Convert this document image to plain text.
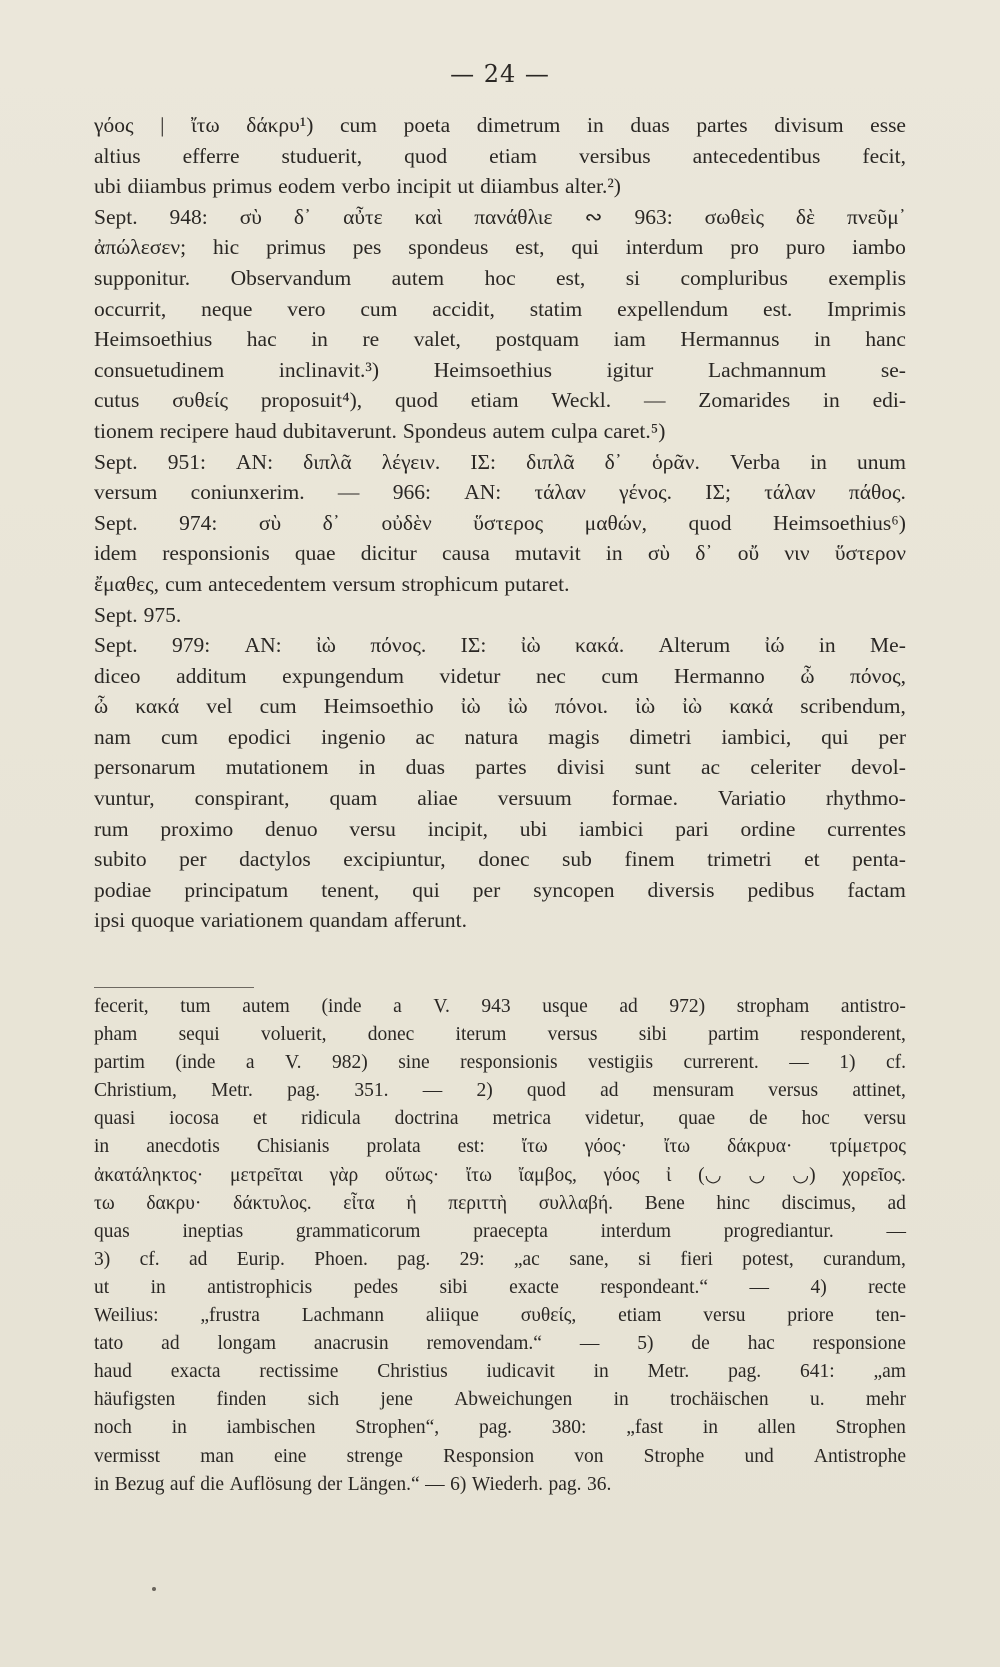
— 24 —
γόος | ἴτω δάκρυ¹) cum poeta dimetrum in duas partes divisum esse
altius efferre studuerit, quod etiam versibus antecedentibus fecit,
ubi diiambus primus eodem verbo incipit ut diiambus alter.²)
Sept. 948: σὺ δ᾽ αὖτε καὶ πανάθλιε ∾ 963: σωθεὶς δὲ πνεῦμ᾽
ἀπώλεσεν; hic primus pes spondeus est, qui interdum pro puro iambo
supponitur. Observandum autem hoc est, si compluribus exemplis
occurrit, neque vero cum accidit, statim expellendum est. Imprimis
Heimsoethius hac in re valet, postquam iam Hermannus in hanc
consuetudinem	inclinavit.³)	Heimsoethius	igitur	Lachmannum	se-
cutus συθείς proposuit⁴), quod etiam Weckl. — Zomarides in edi-
tionem recipere haud dubitaverunt. Spondeus autem culpa caret.⁵)
Sept. 951: ΑΝ: διπλᾶ λέγειν. ΙΣ: διπλᾶ δ᾽ ὁρᾶν. Verba in unum
versum coniunxerim. — 966: ΑΝ: τάλαν γένος. ΙΣ; τάλαν πάθος.
Sept. 974: σὺ δ᾽ οὐδὲν ὕστερος μαθών, quod Heimsoethius⁶)
idem responsionis quae dicitur causa mutavit in σὺ δ᾽ οὔ νιν ὕστερον
ἔμαθες, cum antecedentem versum strophicum putaret.
Sept. 975.
Sept. 979: ΑΝ: ἰὼ πόνος. ΙΣ: ἰὼ κακά. Alterum ἰώ in Me-
diceo additum expungendum videtur nec cum Hermanno ὦ πόνος,
ὦ κακά vel cum Heimsoethio ἰὼ ἰὼ πόνοι. ἰὼ ἰὼ κακά scribendum,
nam cum epodici ingenio ac natura magis dimetri iambici, qui per
personarum mutationem in duas partes divisi sunt ac celeriter devol-
vuntur, conspirant, quam aliae versuum formae. Variatio rhythmo-
rum proximo denuo versu incipit, ubi iambici pari ordine currentes
subito per dactylos excipiuntur, donec sub finem trimetri et penta-
podiae principatum tenent, qui per syncopen diversis pedibus factam
ipsi quoque variationem quandam afferunt.
fecerit, tum autem (inde a V. 943 usque ad 972) stropham antistro-
pham sequi voluerit, donec iterum versus sibi partim responderent,
partim (inde a V. 982) sine responsionis vestigiis currerent. — 1) cf.
Christium, Metr. pag. 351. — 2) quod ad mensuram versus attinet,
quasi iocosa et ridicula doctrina metrica videtur, quae de hoc versu
in anecdotis Chisianis prolata est: ἴτω γόος· ἴτω δάκρυα· τρίμετρος
ἀκατάληκτος· μετρεῖται γὰρ οὕτως· ἴτω ἴαμβος, γόος ἰ (◡ ◡ ◡) χορεῖος.
τω δακρυ· δάκτυλος. εἶτα ἡ περιττὴ συλλαβή. Bene hinc discimus, ad
quas	ineptias	grammaticorum	praecepta	interdum	progrediantur.	—
3) cf. ad Eurip. Phoen. pag. 29: „ac sane, si fieri potest, curandum,
ut in antistrophicis pedes sibi exacte respondeant.“ — 4) recte
Weilius: „frustra Lachmann aliique συθείς, etiam versu priore ten-
tato ad longam anacrusin removendam.“ — 5) de hac responsione
haud exacta rectissime Christius iudicavit in Metr. pag. 641: „am
häufigsten finden sich jene Abweichungen in trochäischen u. mehr
noch in iambischen Strophen“, pag. 380: „fast in allen Strophen
vermisst man eine strenge Responsion von Strophe und Antistrophe
in Bezug auf die Auflösung der Längen.“ — 6) Wiederh. pag. 36.
